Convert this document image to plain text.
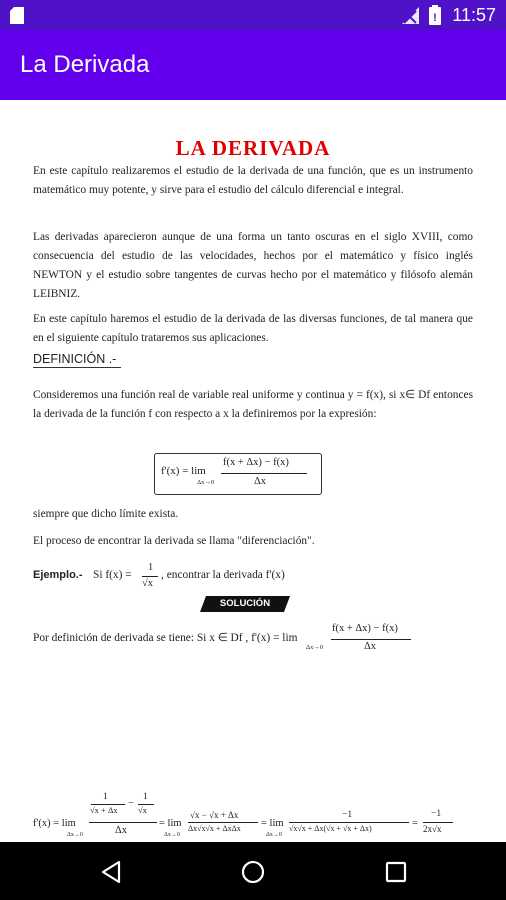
! 11:57
La Derivada
LA DERIVADA

En este capítulo realizaremos el estudio de la derivada de una función, que es un instrumento matemático muy potente, y sirve para el estudio del cálculo diferencial e integral.

Las derivadas aparecieron aunque de una forma un tanto oscuras en el siglo XVIII, como consecuencia del estudio de las velocidades, hechos por el matemático y físico inglés NEWTON y el estudio sobre tangentes de curvas hecho por el matemático y filósofo alemán LEIBNIZ.

En este capítulo haremos el estudio de la derivada de las diversas funciones, de tal manera que en el siguiente capítulo trataremos sus aplicaciones.

DEFINICIÓN .-

Consideremos una función real de variable real uniforme y continua y = f(x), si x∈ Df entonces la derivada de la función f con respecto a x la definiremos por la expresión:

f'(x) = lim
Δx→0
f(x + Δx) − f(x)
Δx

siempre que dicho límite exista.

El proceso de encontrar la derivada se llama "diferenciación".

Ejemplo.- Si f(x) =
1
√x
, encontrar la derivada f'(x)
SOLUCIÓN
Por definición de derivada se tiene: Si x ∈ Df , f'(x) = lim
Δx→0
f(x + Δx) − f(x)
Δx
f'(x) = lim
Δx→0
1
√x + Δx
−
1
√x
Δx
= lim
Δx→0
√x − √x + Δx
Δx√x√x + ΔxΔx = lim
Δx→0
−1
√x√x + Δx(√x + √x + Δx)	=
−1
2x√x
